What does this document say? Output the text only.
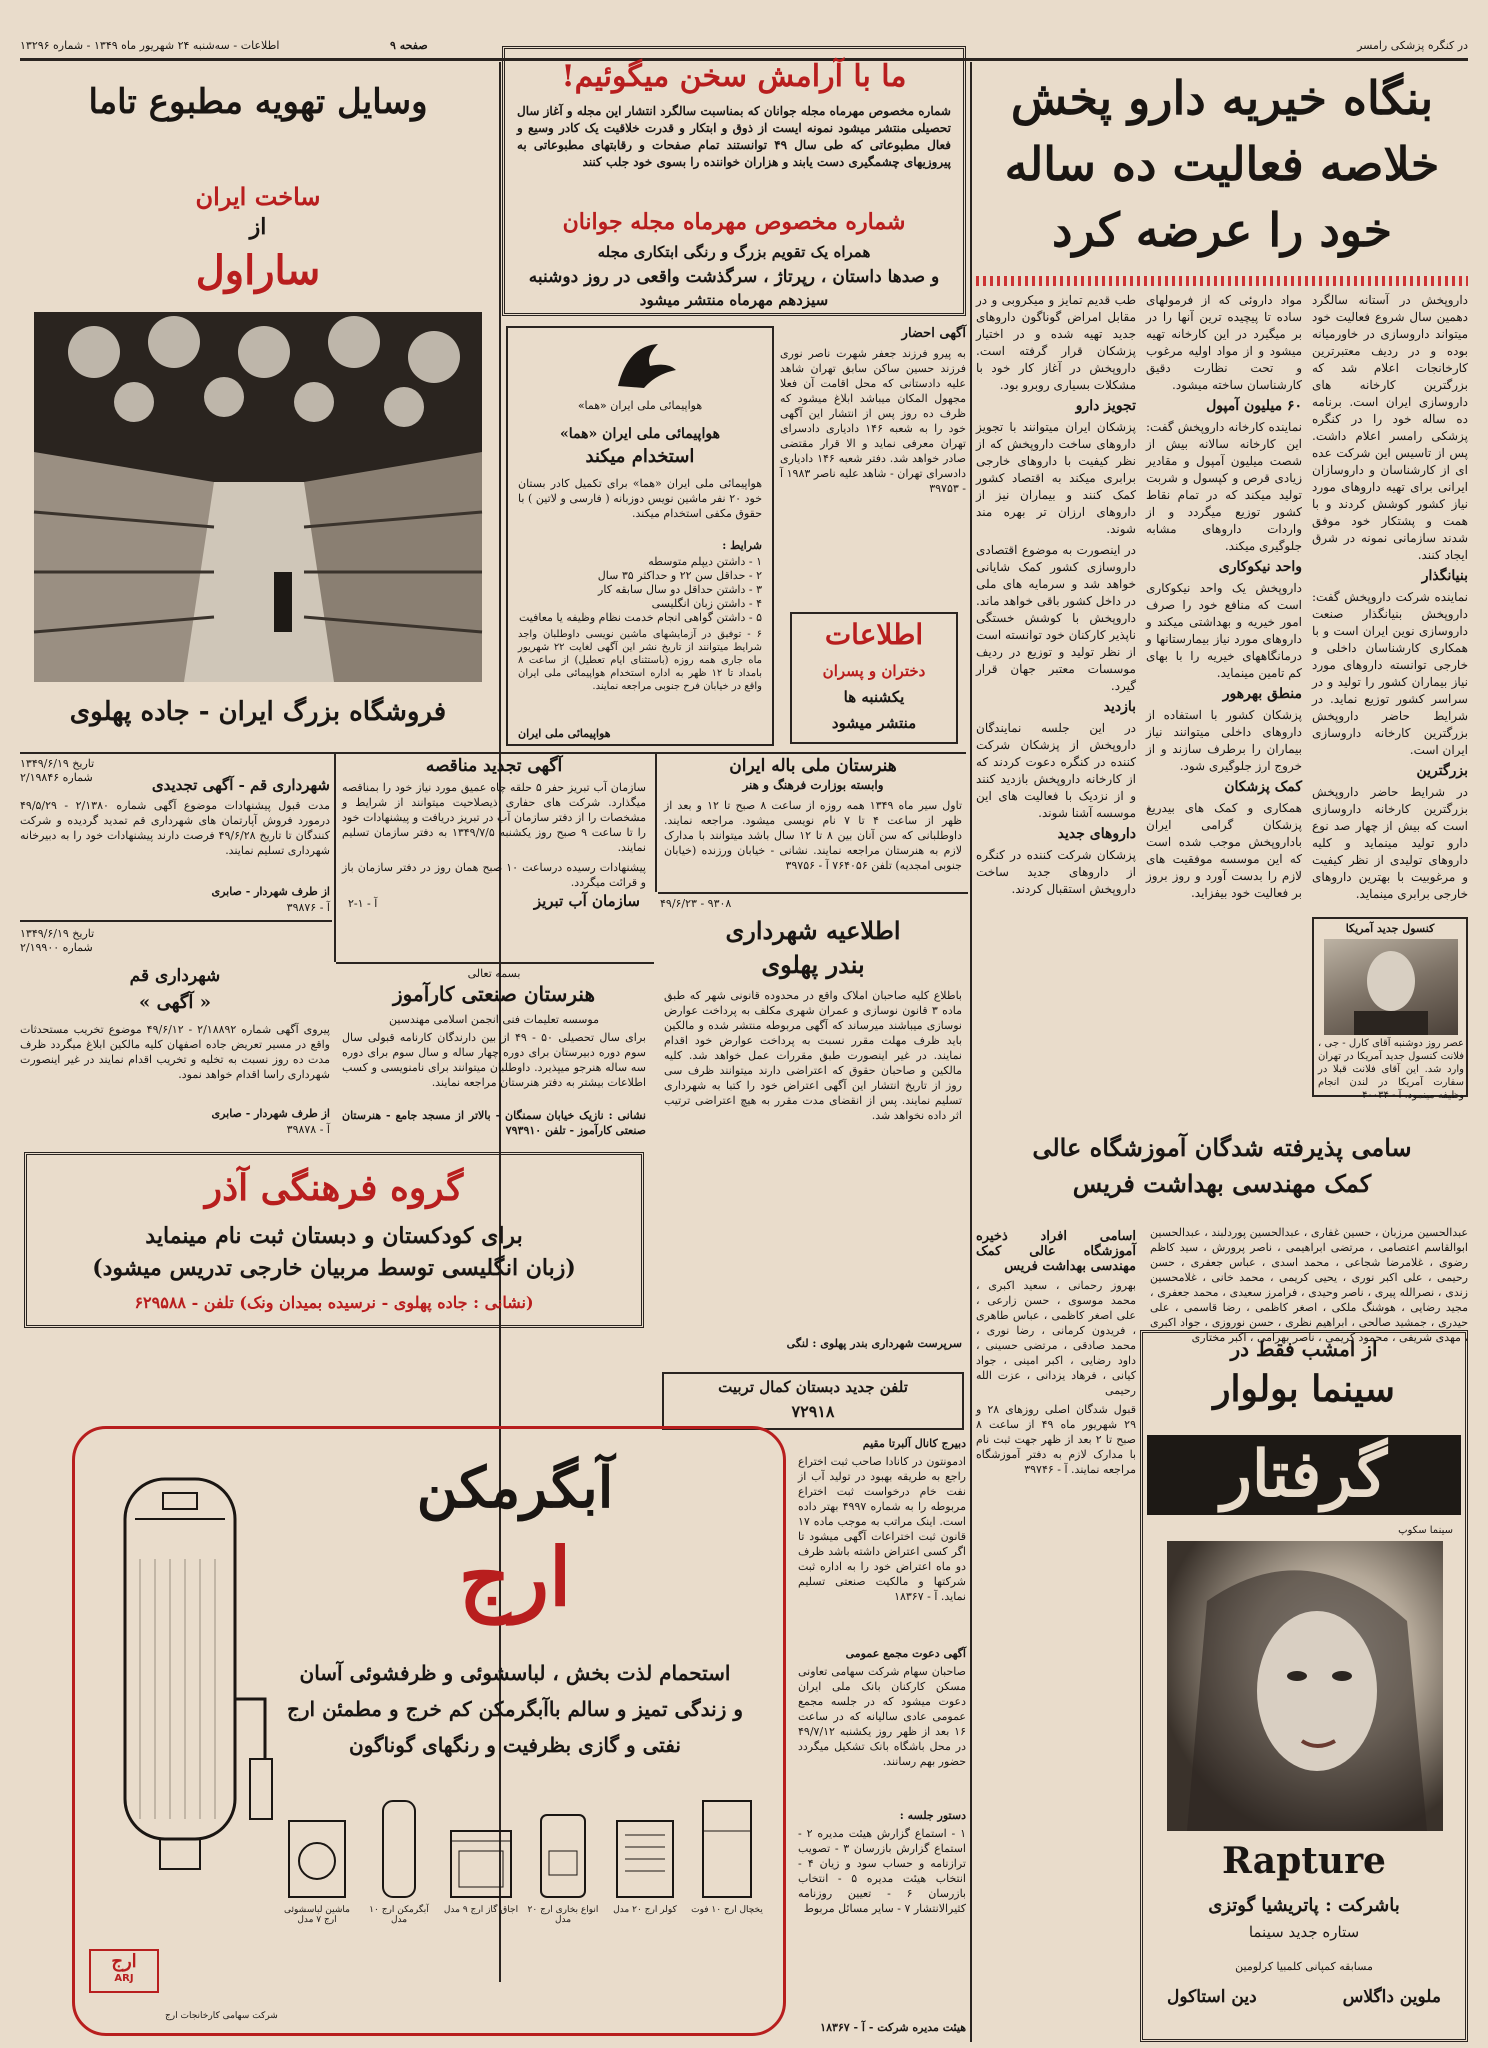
اطلاعات - سه‌شنبه ۲۴ شهریور ماه ۱۳۴۹ - شماره ۱۳۲۹۶	صفحه ۹	در کنگره پزشکی رامسر
بنگاه خیریه دارو پخش
خلاصه فعالیت ده ساله
خود را عرضه کرد

داروپخش در آستانه سالگرد دهمین سال شروع فعالیت خود میتواند داروسازی در خاورمیانه بوده و در ردیف معتبرترین کارخانجات اعلام شد که بزرگترین کارخانه های داروسازی ایران است. برنامه ده ساله خود را در کنگره پزشکی رامسر اعلام داشت. پس از تاسیس این شرکت عده ای از کارشناسان و داروسازان ایرانی برای تهیه داروهای مورد نیاز کشور کوشش کردند و با همت و پشتکار خود موفق شدند سازمانی نمونه در شرق ایجاد کنند.

بنیانگذار

نماینده شرکت داروپخش گفت: داروپخش بنیانگذار صنعت داروسازی نوین ایران است و با همکاری کارشناسان داخلی و خارجی توانسته داروهای مورد نیاز بیماران کشور را تولید و در سراسر کشور توزیع نماید. در شرایط حاضر داروپخش بزرگترین کارخانه داروسازی ایران است.

بزرگترین

در شرایط حاضر داروپخش بزرگترین کارخانه داروسازی است که بیش از چهار صد نوع دارو تولید مینماید و کلیه داروهای تولیدی از نظر کیفیت و مرغوبیت با بهترین داروهای خارجی برابری مینماید.

مواد داروئی که از فرمولهای ساده تا پیچیده ترین آنها را در بر میگیرد در این کارخانه تهیه میشود و از مواد اولیه مرغوب و تحت نظارت دقیق کارشناسان ساخته میشود.

۶۰ میلیون آمپول

نماینده کارخانه داروپخش گفت: این کارخانه سالانه بیش از شصت میلیون آمپول و مقادیر زیادی قرص و کپسول و شربت تولید میکند که در تمام نقاط کشور توزیع میگردد و از واردات داروهای مشابه جلوگیری میکند.

واحد نیکوکاری

داروپخش یک واحد نیکوکاری است که منافع خود را صرف امور خیریه و بهداشتی میکند و داروهای مورد نیاز بیمارستانها و درمانگاههای خیریه را با بهای کم تامین مینماید.

منطق بهرهور

پزشکان کشور با استفاده از داروهای داخلی میتوانند نیاز بیماران را برطرف سازند و از خروج ارز جلوگیری شود.

کمک پزشکان

همکاری و کمک های بیدریغ پزشکان گرامی ایران باداروپخش موجب شده است که این موسسه موفقیت های لازم را بدست آورد و روز بروز بر فعالیت خود بیفزاید.

طب قدیم تمایز و میکروبی و در مقابل امراض گوناگون داروهای جدید تهیه شده و در اختیار پزشکان قرار گرفته است. داروپخش در آغاز کار خود با مشکلات بسیاری روبرو بود.

تجویز دارو

پزشکان ایران میتوانند با تجویز داروهای ساخت داروپخش که از نظر کیفیت با داروهای خارجی برابری میکند به اقتصاد کشور کمک کنند و بیماران نیز از داروهای ارزان تر بهره مند شوند.

در اینصورت به موضوع اقتصادی داروسازی کشور کمک شایانی خواهد شد و سرمایه های ملی در داخل کشور باقی خواهد ماند. داروپخش با کوشش خستگی ناپذیر کارکنان خود توانسته است از نظر تولید و توزیع در ردیف موسسات معتبر جهان قرار گیرد.

بازدید

در این جلسه نمایندگان داروپخش از پزشکان شرکت کننده در کنگره دعوت کردند که از کارخانه داروپخش بازدید کنند و از نزدیک با فعالیت های این موسسه آشنا شوند.

داروهای جدید

پزشکان شرکت کننده در کنگره از داروهای جدید ساخت داروپخش استقبال کردند.

کنسول جدید آمریکا
عصر روز دوشنبه آقای کارل - جی ، فلانت کنسول جدید آمریکا در تهران وارد شد. این آقای فلانت قبلا در سفارت آمریکا در لندن انجام وظیفه مینمود. آ - ۴۰۰۳۴
سامی پذیرفته شدگان آموزشگاه عالی
کمک مهندسی بهداشت فریس
عبدالحسین مرزبان ، حسین غفاری ، عبدالحسین پوردلبند ، عبدالحسین ابوالقاسم اعتصامی ، مرتضی ابراهیمی ، ناصر پرورش ، سید کاظم رضوی ، غلامرضا شجاعی ، محمد اسدی ، عباس جعفری ، حسن رحیمی ، علی اکبر نوری ، یحیی کریمی ، محمد خانی ، غلامحسین زندی ، نصرالله پیری ، ناصر وحیدی ، فرامرز سعیدی ، محمد جعفری ، مجید رضایی ، هوشنگ ملکی ، اصغر کاظمی ، رضا قاسمی ، علی حیدری ، جمشید صالحی ، ابراهیم نظری ، حسن نوروزی ، جواد اکبری ، مهدی شریفی ، محمود کریمی ، ناصر بهرامی ، اکبر مختاری
اسامی افراد ذخیره آموزشگاه عالی کمک مهندسی بهداشت فریس

بهروز رحمانی ، سعید اکبری ، محمد موسوی ، حسن زارعی ، علی اصغر کاظمی ، عباس طاهری ، فریدون کرمانی ، رضا نوری ، محمد صادقی ، مرتضی حسینی ، داود رضایی ، اکبر امینی ، جواد کیانی ، فرهاد یزدانی ، عزت الله رحیمی

قبول شدگان اصلی روزهای ۲۸ و ۲۹ شهریور ماه ۴۹ از ساعت ۸ صبح تا ۲ بعد از ظهر جهت ثبت نام با مدارک لازم به دفتر آموزشگاه مراجعه نمایند. آ - ۳۹۷۴۶

از امشب فقط در
سینما بولوار
گرفتار
سینما سکوپ
Rapture
باشرکت : پاتریشیا گوتزی
ستاره جدید سینما
مسابقه کمپانی کلمبیا کرلومین
ملوین داگلاس
دین استاکول
ما با آرامش سخن میگوئیم!
شماره مخصوص مهرماه مجله جوانان که بمناسبت سالگرد انتشار این مجله و آغاز سال تحصیلی منتشر میشود نمونه ایست از ذوق و ابتکار و قدرت خلاقیت یک کادر وسیع و فعال مطبوعاتی که طی سال ۴۹ توانستند تمام صفحات و رقابتهای مطبوعاتی به پیروزیهای چشمگیری دست یابند و هزاران خواننده را بسوی خود جلب کنند
شماره مخصوص مهرماه مجله جوانان
همراه یک تقویم بزرگ و رنگی ابتکاری مجله
و صدها داستان ، رپرتاژ ، سرگذشت واقعی در روز دوشنبه
سیزدهم مهرماه منتشر میشود
هواپیمائی ملی ایران «هما»
هواپیمائی ملی ایران «هما»
استخدام میکند
هواپیمائی ملی ایران «هما» برای تکمیل کادر بستان خود ۲۰ نفر ماشین نویس دوزبانه ( فارسی و لاتین ) با حقوق مکفی استخدام میکند.
شرایط :
۱ - داشتن دیپلم متوسطه
۲ - حداقل سن ۲۲ و حداکثر ۳۵ سال
۳ - داشتن حداقل دو سال سابقه کار
۴ - داشتن زبان انگلیسی
۵ - داشتن گواهی انجام خدمت نظام وظیفه یا معافیت
۶ - توفیق در آزمایشهای ماشین نویسی داوطلبان واجد شرایط میتوانند از تاریخ نشر این آگهی لغایت ۲۲ شهریور ماه جاری همه روزه (باستثنای ایام تعطیل) از ساعت ۸ بامداد تا ۱۲ ظهر به اداره استخدام هواپیمائی ملی ایران واقع در خیابان فرح جنوبی مراجعه نمایند.
هواپیمائی ملی ایران
آگهی احضار
به پیرو فرزند جعفر شهرت ناصر نوری فرزند حسین ساکن سابق تهران شاهد علیه دادستانی که محل اقامت آن فعلا مجهول المکان میباشد ابلاغ میشود که ظرف ده روز پس از انتشار این آگهی خود را به شعبه ۱۴۶ دادیاری دادسرای تهران معرفی نماید و الا قرار مقتضی صادر خواهد شد. دفتر شعبه ۱۴۶ دادیاری دادسرای تهران - شاهد علیه ناصر ۱۹۸۳ آ - ۳۹۷۵۳
اطلاعات
دختران و پسران
یکشنبه ها
منتشر میشود
وسایل تهویه مطبوع تاما
ساخت ایران
از
ساراول
فروشگاه بزرگ ایران - جاده پهلوی
هنرستان ملی باله ایران
وابسته بوزارت فرهنگ و هنر
تاول سیر ماه ۱۳۴۹ همه روزه از ساعت ۸ صبح تا ۱۲ و بعد از ظهر از ساعت ۴ تا ۷ نام نویسی میشود. مراجعه نمایند. داوطلبانی که سن آنان بین ۸ تا ۱۲ سال باشد میتوانند با مدارک لازم به هنرستان مراجعه نمایند. نشانی - خیابان ورزنده (خیابان جنوبی امجدیه) تلفن ۷۶۴۰۵۶ آ - ۳۹۷۵۶
آگهی تجدید مناقصه
سازمان آب تبریز حفر ۵ حلقه چاه عمیق مورد نیاز خود را بمناقصه میگذارد. شرکت های حفاری ذیصلاحیت میتوانند از شرایط و مشخصات را از دفتر سازمان آب در تبریز دریافت و پیشنهادات خود را تا ساعت ۹ صبح روز یکشنبه ۱۳۴۹/۷/۵ به دفتر سازمان تسلیم نمایند.
پیشنهادات رسیده درساعت ۱۰ صبح همان روز در دفتر سازمان باز و قرائت میگردد.
سازمان آب تبریز
آ - ۱-۲
تاریخ ۱۳۴۹/۶/۱۹
شماره ۲/۱۹۸۴۶	شهرداری قم - آگهی تجدیدی
مدت قبول پیشنهادات موضوع آگهی شماره ۲/۱۳۸۰ - ۴۹/۵/۲۹ درمورد فروش آپارتمان های شهرداری قم تمدید گردیده و شرکت کنندگان تا تاریخ ۴۹/۶/۲۸ فرصت دارند پیشنهادات خود را به دبیرخانه شهرداری تسلیم نمایند.
از طرف شهردار - صابری
آ - ۳۹۸۷۶
تاریخ ۱۳۴۹/۶/۱۹
شماره ۲/۱۹۹۰۰
شهرداری قم
« آگهی »
پیروی آگهی شماره ۲/۱۸۸۹۲ - ۴۹/۶/۱۲ موضوع تخریب مستحدثات واقع در مسیر تعریض جاده اصفهان کلیه مالکین ابلاغ میگردد ظرف مدت ده روز نسبت به تخلیه و تخریب اقدام نمایند در غیر اینصورت شهرداری راسا اقدام خواهد نمود.
از طرف شهردار - صابری
آ - ۳۹۸۷۸
بسمه تعالی
هنرستان صنعتی کارآموز
موسسه تعلیمات فنی انجمن اسلامی مهندسین
برای سال تحصیلی ۵۰ - ۴۹ از بین دارندگان کارنامه قبولی سال سوم دوره دبیرستان برای دوره چهار ساله و سال سوم برای دوره سه ساله هنرجو میپذیرد. داوطلبان میتوانند برای نامنویسی و کسب اطلاعات بیشتر به دفتر هنرستان مراجعه نمایند.
نشانی : نازیک خیابان سمنگان - بالاتر از مسجد جامع - هنرستان صنعتی کارآموز - تلفن ۷۹۳۹۱۰
۹۳۰۸ - ۴۹/۶/۲۳
اطلاعیه شهرداری
بندر پهلوی
باطلاع کلیه صاحبان املاک واقع در محدوده قانونی شهر که طبق ماده ۳ قانون نوسازی و عمران شهری مکلف به پرداخت عوارض نوسازی میباشند میرساند که آگهی مربوطه منتشر شده و مالکین باید ظرف مهلت مقرر نسبت به پرداخت عوارض خود اقدام نمایند. در غیر اینصورت طبق مقررات عمل خواهد شد. کلیه مالکین و صاحبان حقوق که اعتراضی دارند میتوانند ظرف سی روز از تاریخ انتشار این آگهی اعتراض خود را کتبا به شهرداری تسلیم نمایند. پس از انقضای مدت مقرر به هیچ اعتراضی ترتیب اثر داده نخواهد شد.
سرپرست شهرداری بندر پهلوی : لنگی
گروه فرهنگی آذر
برای کودکستان و دبستان ثبت نام مینماید
(زبان انگلیسی توسط مربیان خارجی تدریس میشود)
(نشانی : جاده پهلوی - نرسیده بمیدان ونک) تلفن - ۶۲۹۵۸۸
تلفن جدید دبستان کمال تربیت
۷۲۹۱۸
دبیرج کانال آلبرتا مقیم
ادمونتون در کانادا صاحب ثبت اختراع راجع به طریقه بهبود در تولید آب از نفت خام درخواست ثبت اختراع مربوطه را به شماره ۴۹۹۷ بهتر داده است. اینک مراتب به موجب ماده ۱۷ قانون ثبت اختراعات آگهی میشود تا اگر کسی اعتراض داشته باشد ظرف دو ماه اعتراض خود را به اداره ثبت شرکتها و مالکیت صنعتی تسلیم نماید. آ - ۱۸۳۶۷
آگهی دعوت مجمع عمومی
صاحبان سهام شرکت سهامی تعاونی مسکن کارکنان بانک ملی ایران دعوت میشود که در جلسه مجمع عمومی عادی سالیانه که در ساعت ۱۶ بعد از ظهر روز یکشنبه ۴۹/۷/۱۲ در محل باشگاه بانک تشکیل میگردد حضور بهم رسانند.
دستور جلسه :
۱ - استماع گزارش هیئت مدیره ۲ - استماع گزارش بازرسان ۳ - تصویب ترازنامه و حساب سود و زیان ۴ - انتخاب هیئت مدیره ۵ - انتخاب بازرسان ۶ - تعیین روزنامه کثیرالانتشار ۷ - سایر مسائل مربوط
هیئت مدیره شرکت - آ - ۱۸۳۶۷
آبگرمکن
ارج
استحمام لذت بخش ، لباسشوئی و ظرفشوئی آسان
و زندگی تمیز و سالم باآبگرمکن کم خرج و مطمئن ارج
نفتی و گازی بظرفیت و رنگهای گوناگون
یخچال ارج ۱۰ فوت
کولر ارج ۲۰ مدل
انواع بخاری ارج ۲۰ مدل
اجاق گاز ارج ۹ مدل
آبگرمکن ارج ۱۰ مدل
ماشین لباسشوئی ارج ۷ مدل
ارج
ARJ
شرکت سهامی کارخانجات ارج
